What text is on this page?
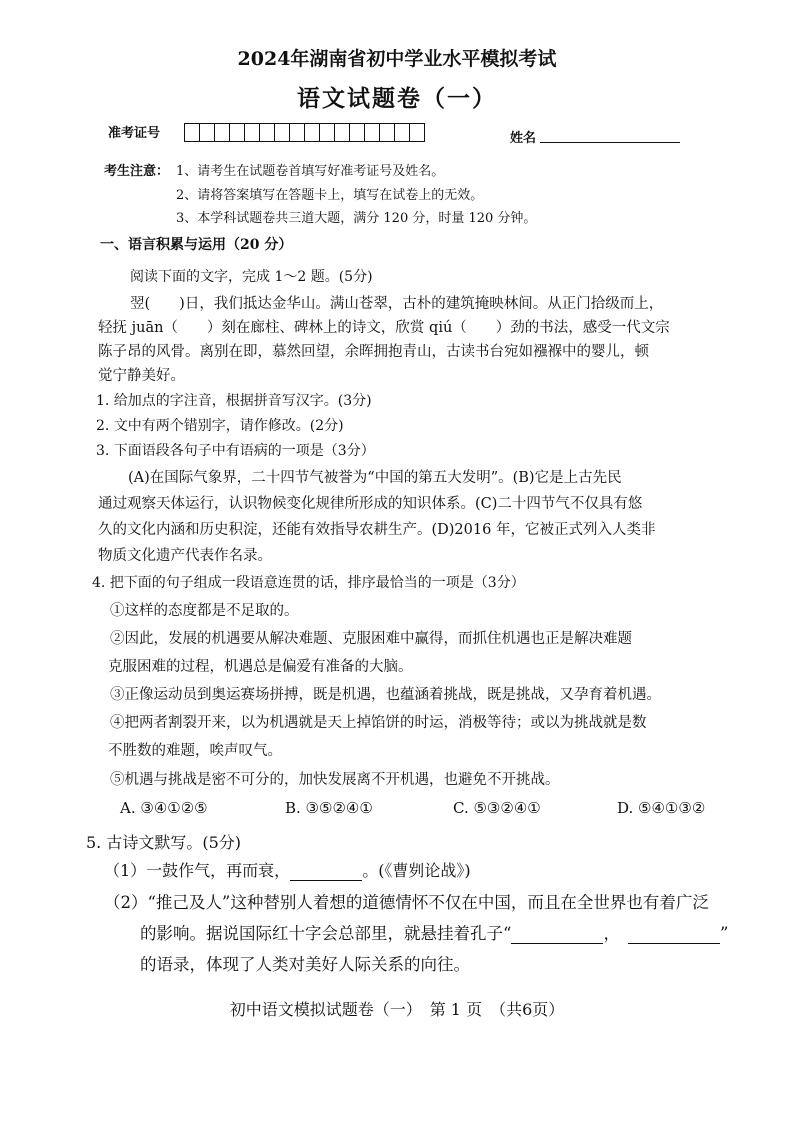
2024年湖南省初中学业水平模拟考试
语文试题卷（一）
准考证号	姓名
考生注意： 1、请考生在试题卷首填写好准考证号及姓名。
2、请将答案填写在答题卡上，填写在试卷上的无效。
3、本学科试题卷共三道大题，满分 120 分，时量 120 分钟。
一、语言积累与运用（20 分）
阅读下面的文字，完成 1～2 题。(5分)
翌(　　)日，我们抵达金华山。满山苍翠，古朴的建筑掩映林间。从正门拾级而上，
轻抚 juān（　　）刻在廊柱、碑林上的诗文，欣赏 qiú（　　）劲的书法，感受一代文宗
陈子昂的风骨。离别在即，慕然回望，余晖拥抱青山，古读书台宛如襁褓中的婴儿，顿
觉宁静美好。
1. 给加点的字注音，根据拼音写汉字。(3分)
2. 文中有两个错别字，请作修改。(2分)
3. 下面语段各句子中有语病的一项是（3分）
(A)在国际气象界，二十四节气被誉为“中国的第五大发明”。(B)它是上古先民
通过观察天体运行，认识物候变化规律所形成的知识体系。(C)二十四节气不仅具有悠
久的文化内涵和历史积淀，还能有效指导农耕生产。(D)2016 年，它被正式列入人类非
物质文化遗产代表作名录。
4. 把下面的句子组成一段语意连贯的话，排序最恰当的一项是（3分）
①这样的态度都是不足取的。
②因此，发展的机遇要从解决难题、克服困难中赢得，而抓住机遇也正是解决难题
克服困难的过程，机遇总是偏爱有准备的大脑。
③正像运动员到奥运赛场拼搏，既是机遇，也蕴涵着挑战，既是挑战，又孕育着机遇。
④把两者割裂开来，以为机遇就是天上掉馅饼的时运，消极等待；或以为挑战就是数
不胜数的难题，唉声叹气。
⑤机遇与挑战是密不可分的，加快发展离不开机遇，也避免不开挑战。
A. ③④①②⑤	B. ③⑤②④①	C. ⑤③②④①	D. ⑤④①③②
5. 古诗文默写。(5分)
（1）一鼓作气，再而衰，	。(《曹刿论战》)
（2）“推己及人”这种替别人着想的道德情怀不仅在中国，而且在全世界也有着广泛
的影响。据说国际红十字会总部里，就悬挂着孔子“	，	”
的语录，体现了人类对美好人际关系的向往。
初中语文模拟试题卷（一）　第 1 页　（共6页）
